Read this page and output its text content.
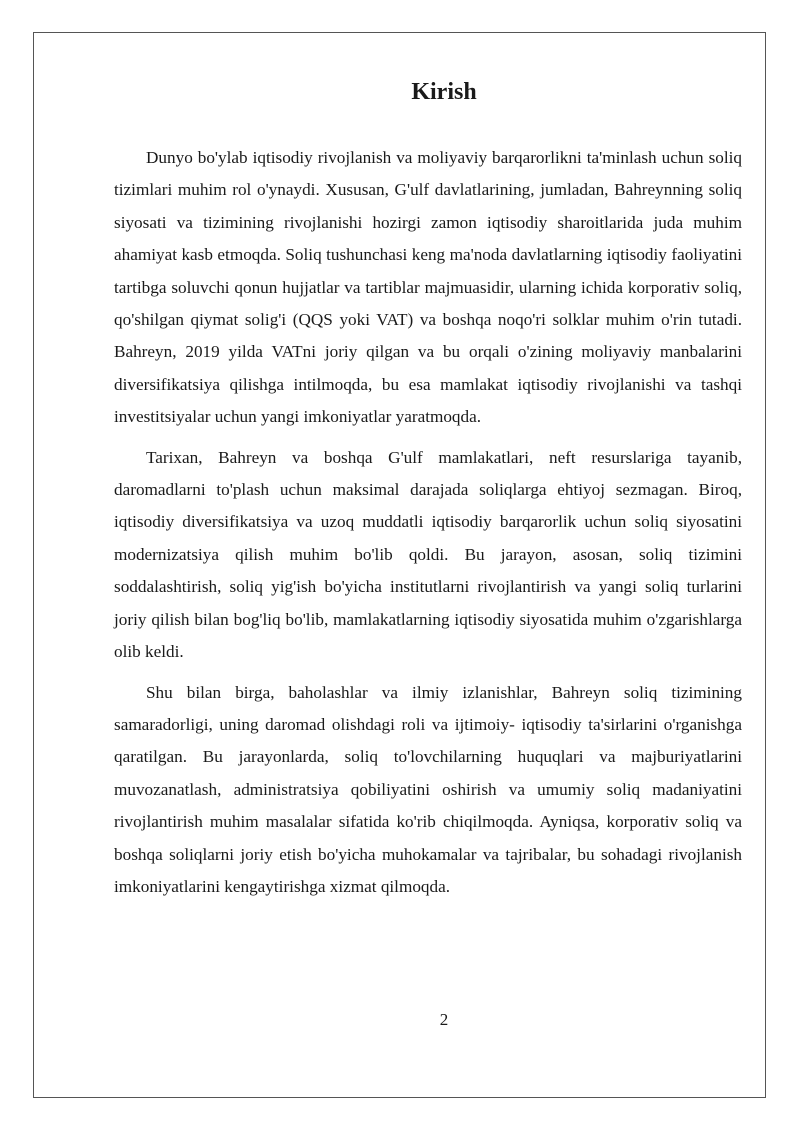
Kirish

Dunyo bo'ylab iqtisodiy rivojlanish va moliyaviy barqarorlikni ta'minlash uchun soliq tizimlari muhim rol o'ynaydi. Xususan, G'ulf davlatlarining, jumladan, Bahreynning soliq siyosati va tizimining rivojlanishi hozirgi zamon iqtisodiy sharoitlarida juda muhim ahamiyat kasb etmoqda. Soliq tushunchasi keng ma'noda davlatlarning iqtisodiy faoliyatini tartibga soluvchi qonun hujjatlar va tartiblar majmuasidir, ularning ichida korporativ soliq, qo'shilgan qiymat solig'i (QQS yoki VAT) va boshqa noqo'ri solklar muhim o'rin tutadi. Bahreyn, 2019 yilda VATni joriy qilgan va bu orqali o'zining moliyaviy manbalarini diversifikatsiya qilishga intilmoqda, bu esa mamlakat iqtisodiy rivojlanishi va tashqi investitsiyalar uchun yangi imkoniyatlar yaratmoqda.

Tarixan, Bahreyn va boshqa G'ulf mamlakatlari, neft resurslariga tayanib, daromadlarni to'plash uchun maksimal darajada soliqlarga ehtiyoj sezmagan. Biroq, iqtisodiy diversifikatsiya va uzoq muddatli iqtisodiy barqarorlik uchun soliq siyosatini modernizatsiya qilish muhim bo'lib qoldi. Bu jarayon, asosan, soliq tizimini soddalashtirish, soliq yig'ish bo'yicha institutlarni rivojlantirish va yangi soliq turlarini joriy qilish bilan bog'liq bo'lib, mamlakatlarning iqtisodiy siyosatida muhim o'zgarishlarga olib keldi.

Shu bilan birga, baholashlar va ilmiy izlanishlar, Bahreyn soliq tizimining samaradorligi, uning daromad olishdagi roli va ijtimoiy- iqtisodiy ta'sirlarini o'rganishga qaratilgan. Bu jarayonlarda, soliq to'lovchilarning huquqlari va majburiyatlarini muvozanatlash, administratsiya qobiliyatini oshirish va umumiy soliq madaniyatini rivojlantirish muhim masalalar sifatida ko'rib chiqilmoqda. Ayniqsa, korporativ soliq va boshqa soliqlarni joriy etish bo'yicha muhokamalar va tajribalar, bu sohadagi rivojlanish imkoniyatlarini kengaytirishga xizmat qilmoqda.

2
